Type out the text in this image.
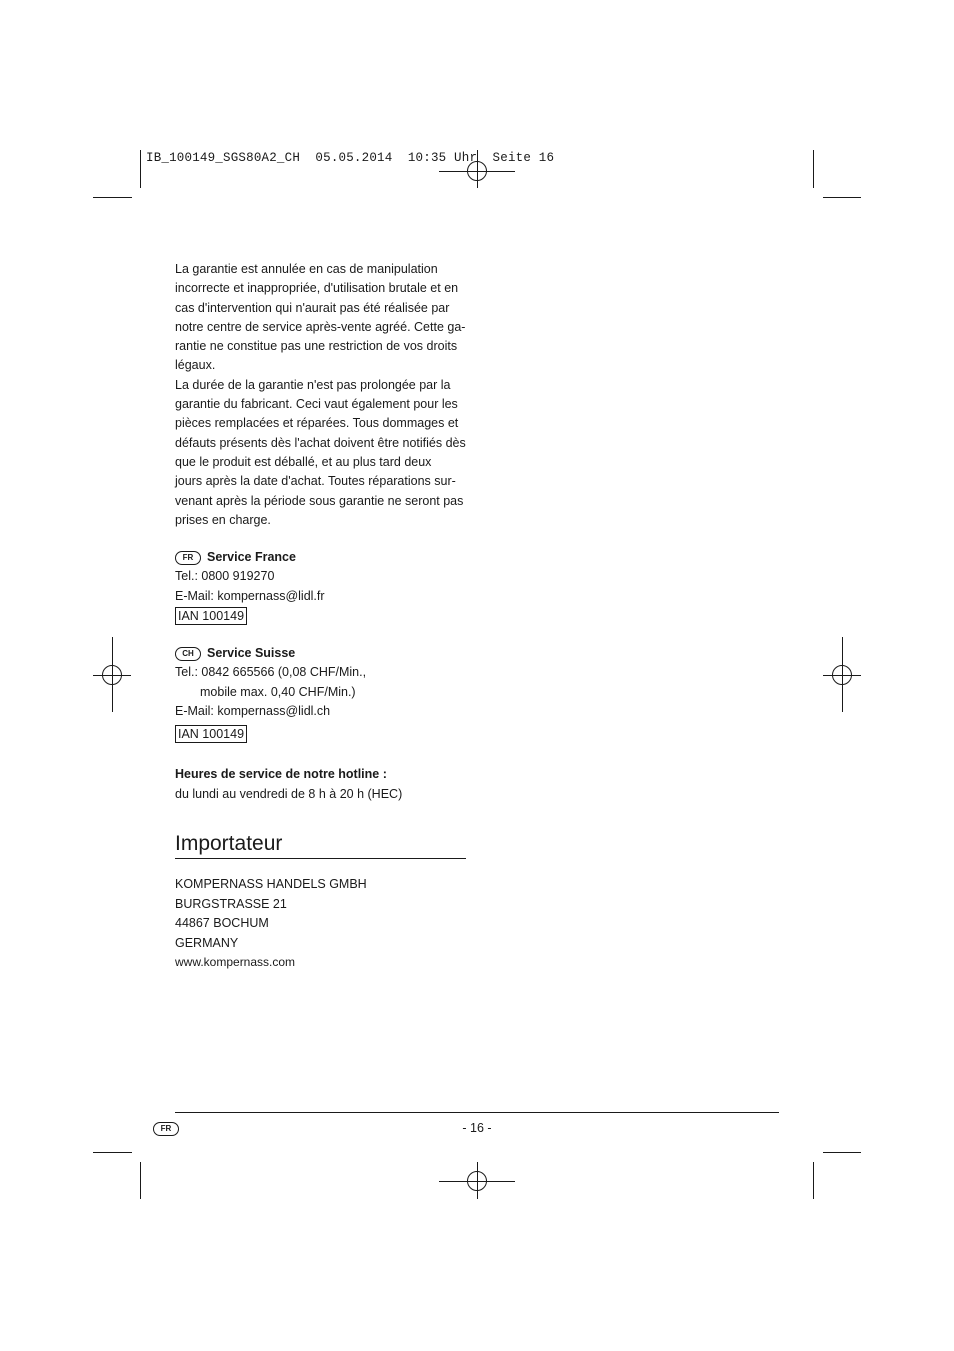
IB_100149_SGS80A2_CH  05.05.2014  10:35 Uhr  Seite 16

La garantie est annulée en cas de manipulation
incorrecte et inappropriée, d'utilisation brutale et en
cas d'intervention qui n'aurait pas été réalisée par
notre centre de service après-vente agréé. Cette ga-
rantie ne constitue pas une restriction de vos droits
légaux.

La durée de la garantie n'est pas prolongée par la
garantie du fabricant. Ceci vaut également pour les
pièces remplacées et réparées. Tous dommages et
défauts présents dès l'achat doivent être notifiés dès
que le produit est déballé, et au plus tard deux
jours après la date d'achat. Toutes réparations sur-
venant après la période sous garantie ne seront pas
prises en charge.

FR Service France

Tel.: 0800 919270

E-Mail: kompernass@lidl.fr

IAN 100149

CH Service Suisse

Tel.: 0842 665566 (0,08 CHF/Min.,

mobile max. 0,40 CHF/Min.)

E-Mail: kompernass@lidl.ch

IAN 100149

Heures de service de notre hotline :

du lundi au vendredi de 8 h à 20 h (HEC)

Importateur

KOMPERNASS HANDELS GMBH

BURGSTRASSE 21

44867 BOCHUM

GERMANY

www.kompernass.com

FR	- 16 -
